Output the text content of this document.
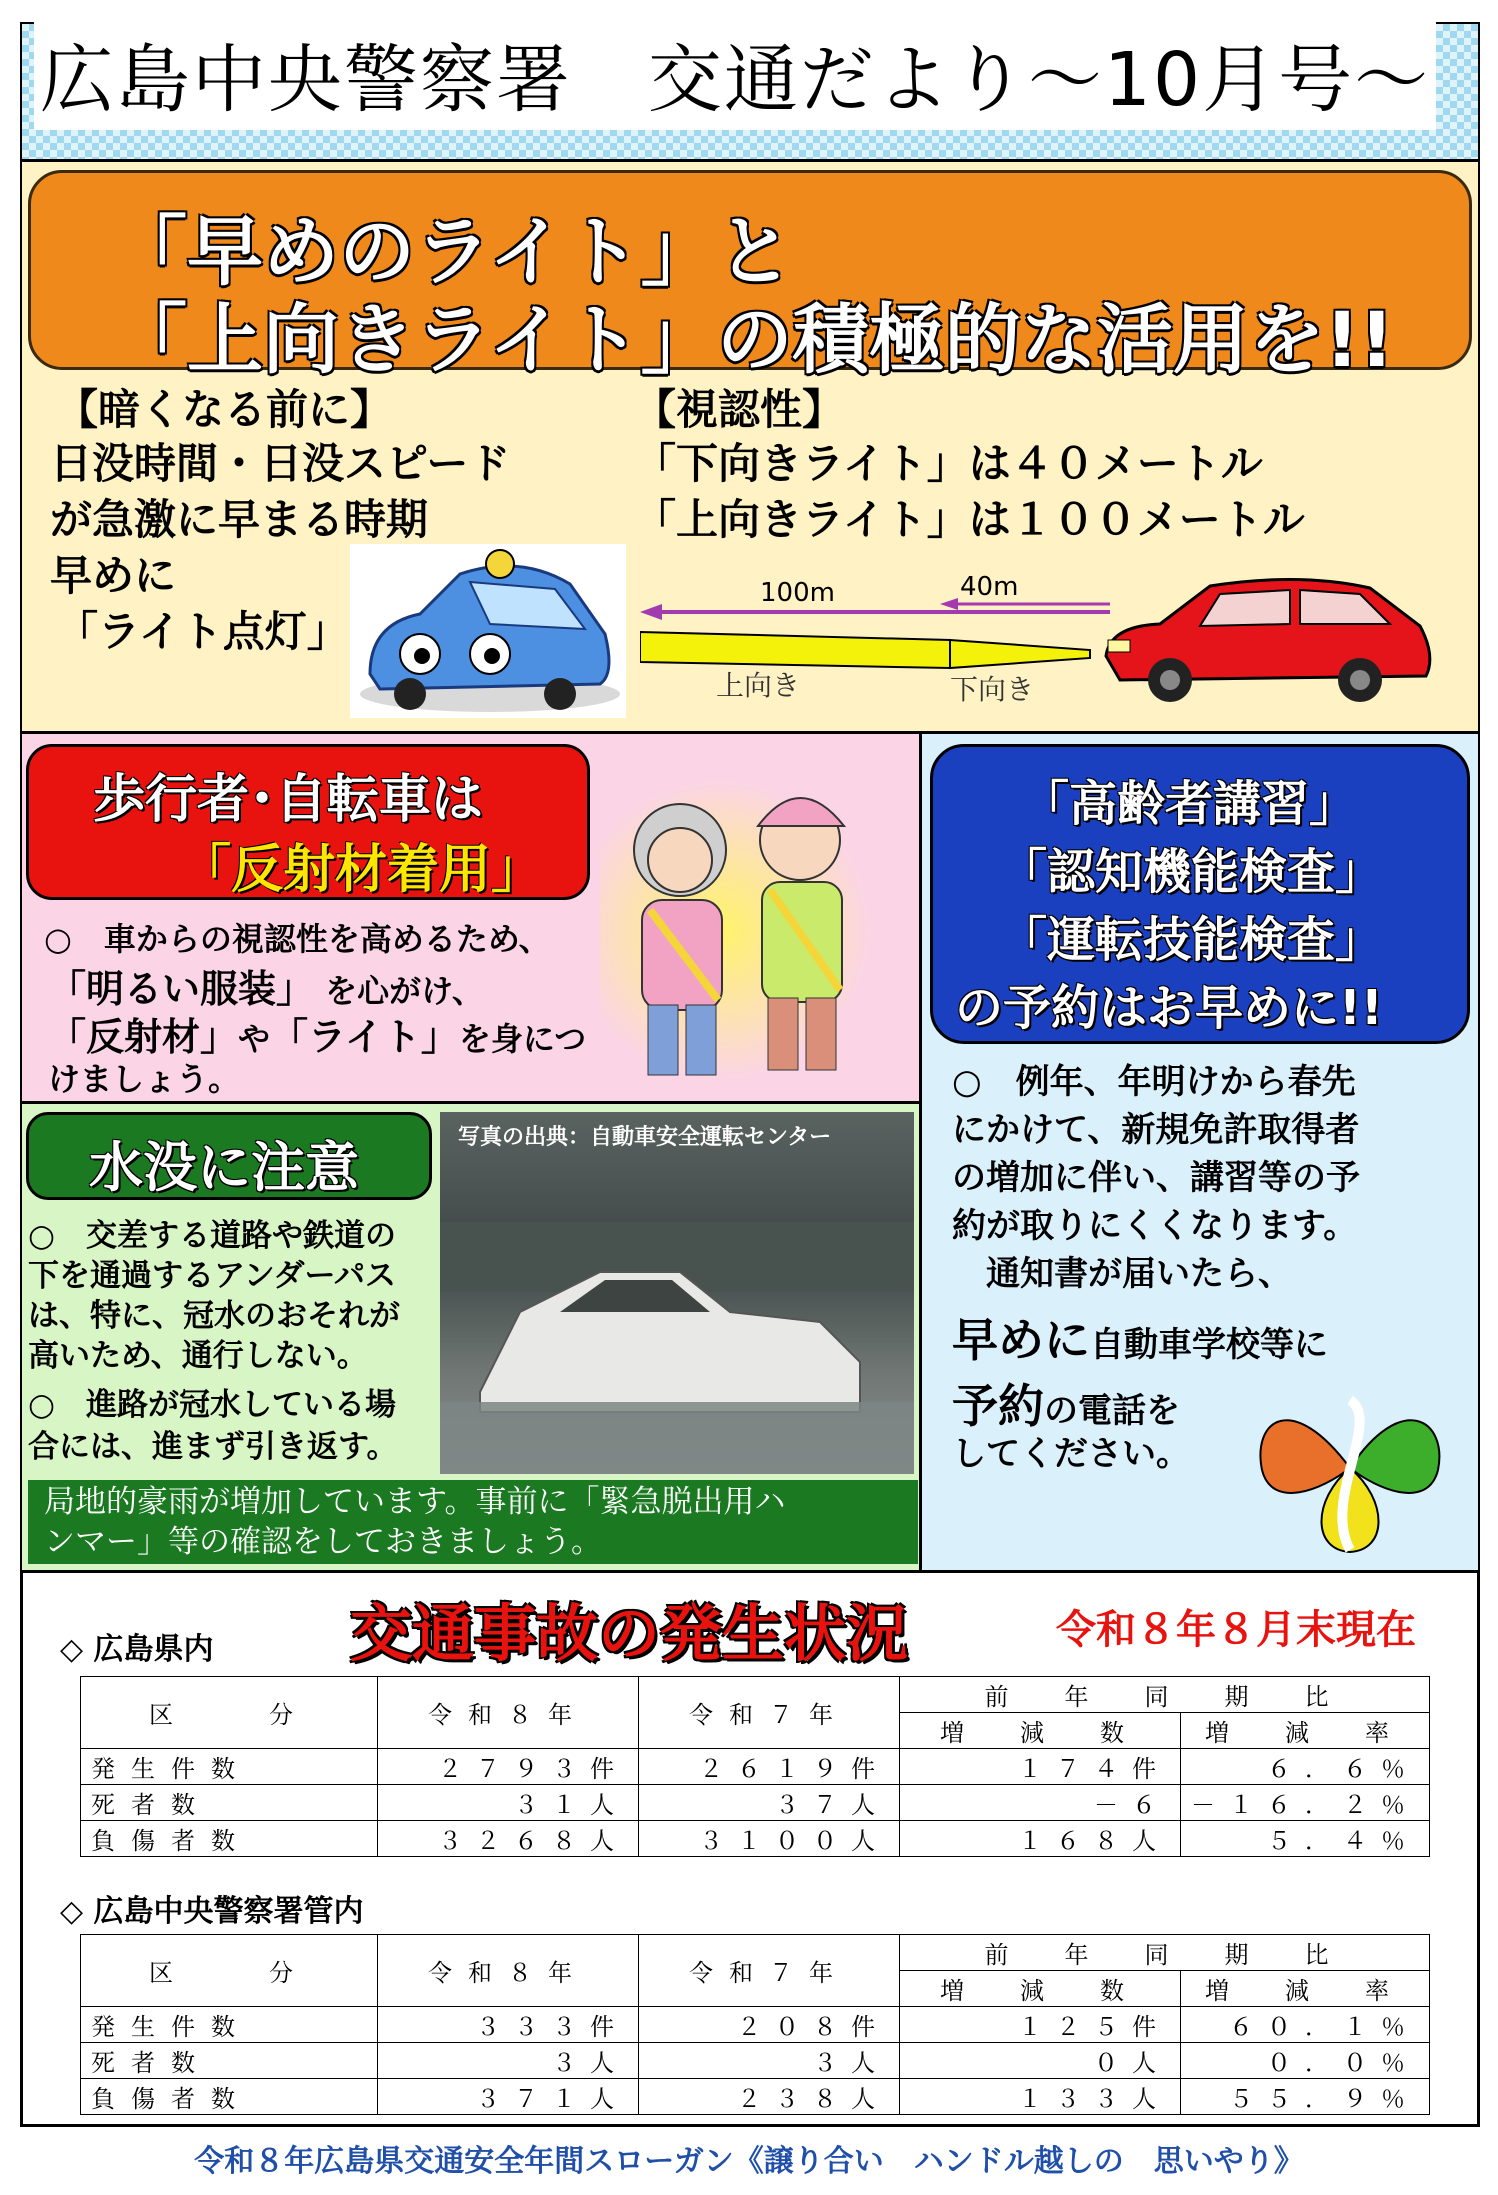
広島中央警察署　交通だより～10月号～
「早めのライト」と
「上向きライト」の積極的な活用を!!
【暗くなる前に】
日没時間・日没スピード
が急激に早まる時期
早めに
「ライト点灯」
【視認性】
「下向きライト」は４０メートル
「上向きライト」は１００メートル
100m	40m
上向き	下向き
歩行者･自転車は
「反射材着用」
○　車からの視認性を高めるため、
「明るい服装」 を心がけ、
「反射材」や「ライト」を身につ
けましょう。
水没に注意	写真の出典：自動車安全運転センター
○　交差する道路や鉄道の
下を通過するアンダーパス
は、特に、冠水のおそれが
高いため、通行しない。
○　進路が冠水している場
合には、進まず引き返す。
局地的豪雨が増加しています。事前に「緊急脱出用ハ
ンマー」等の確認をしておきましょう。
「高齢者講習」
「認知機能検査」
「運転技能検査」
の予約はお早めに!!
○　例年、年明けから春先
にかけて、新規免許取得者
の増加に伴い、講習等の予
約が取りにくくなります。
　通知書が届いたら、
早めに自動車学校等に
予約の電話を
してください。
交通事故の発生状況	令和８年８月末現在
◇ 広島県内
区　　分	令和８年	令和７年	前　年　同　期　比	
			増　減　数	増　減　率
発生件数	２７９３件	２６１９件	１７４件	６．６％
死者数	３１人	３７人	－６	－１６．２％
負傷者数	３２６８人	３１００人	１６８人	５．４％
◇ 広島中央警察署管内
区　　分	令和８年	令和７年	前　年　同　期　比	
			増　減　数	増　減　率
発生件数	３３３件	２０８件	１２５件	６０．１％
死者数	３人	３人	０人	０．０％
負傷者数	３７１人	２３８人	１３３人	５５．９％
令和８年広島県交通安全年間スローガン《譲り合い　ハンドル越しの　思いやり》
